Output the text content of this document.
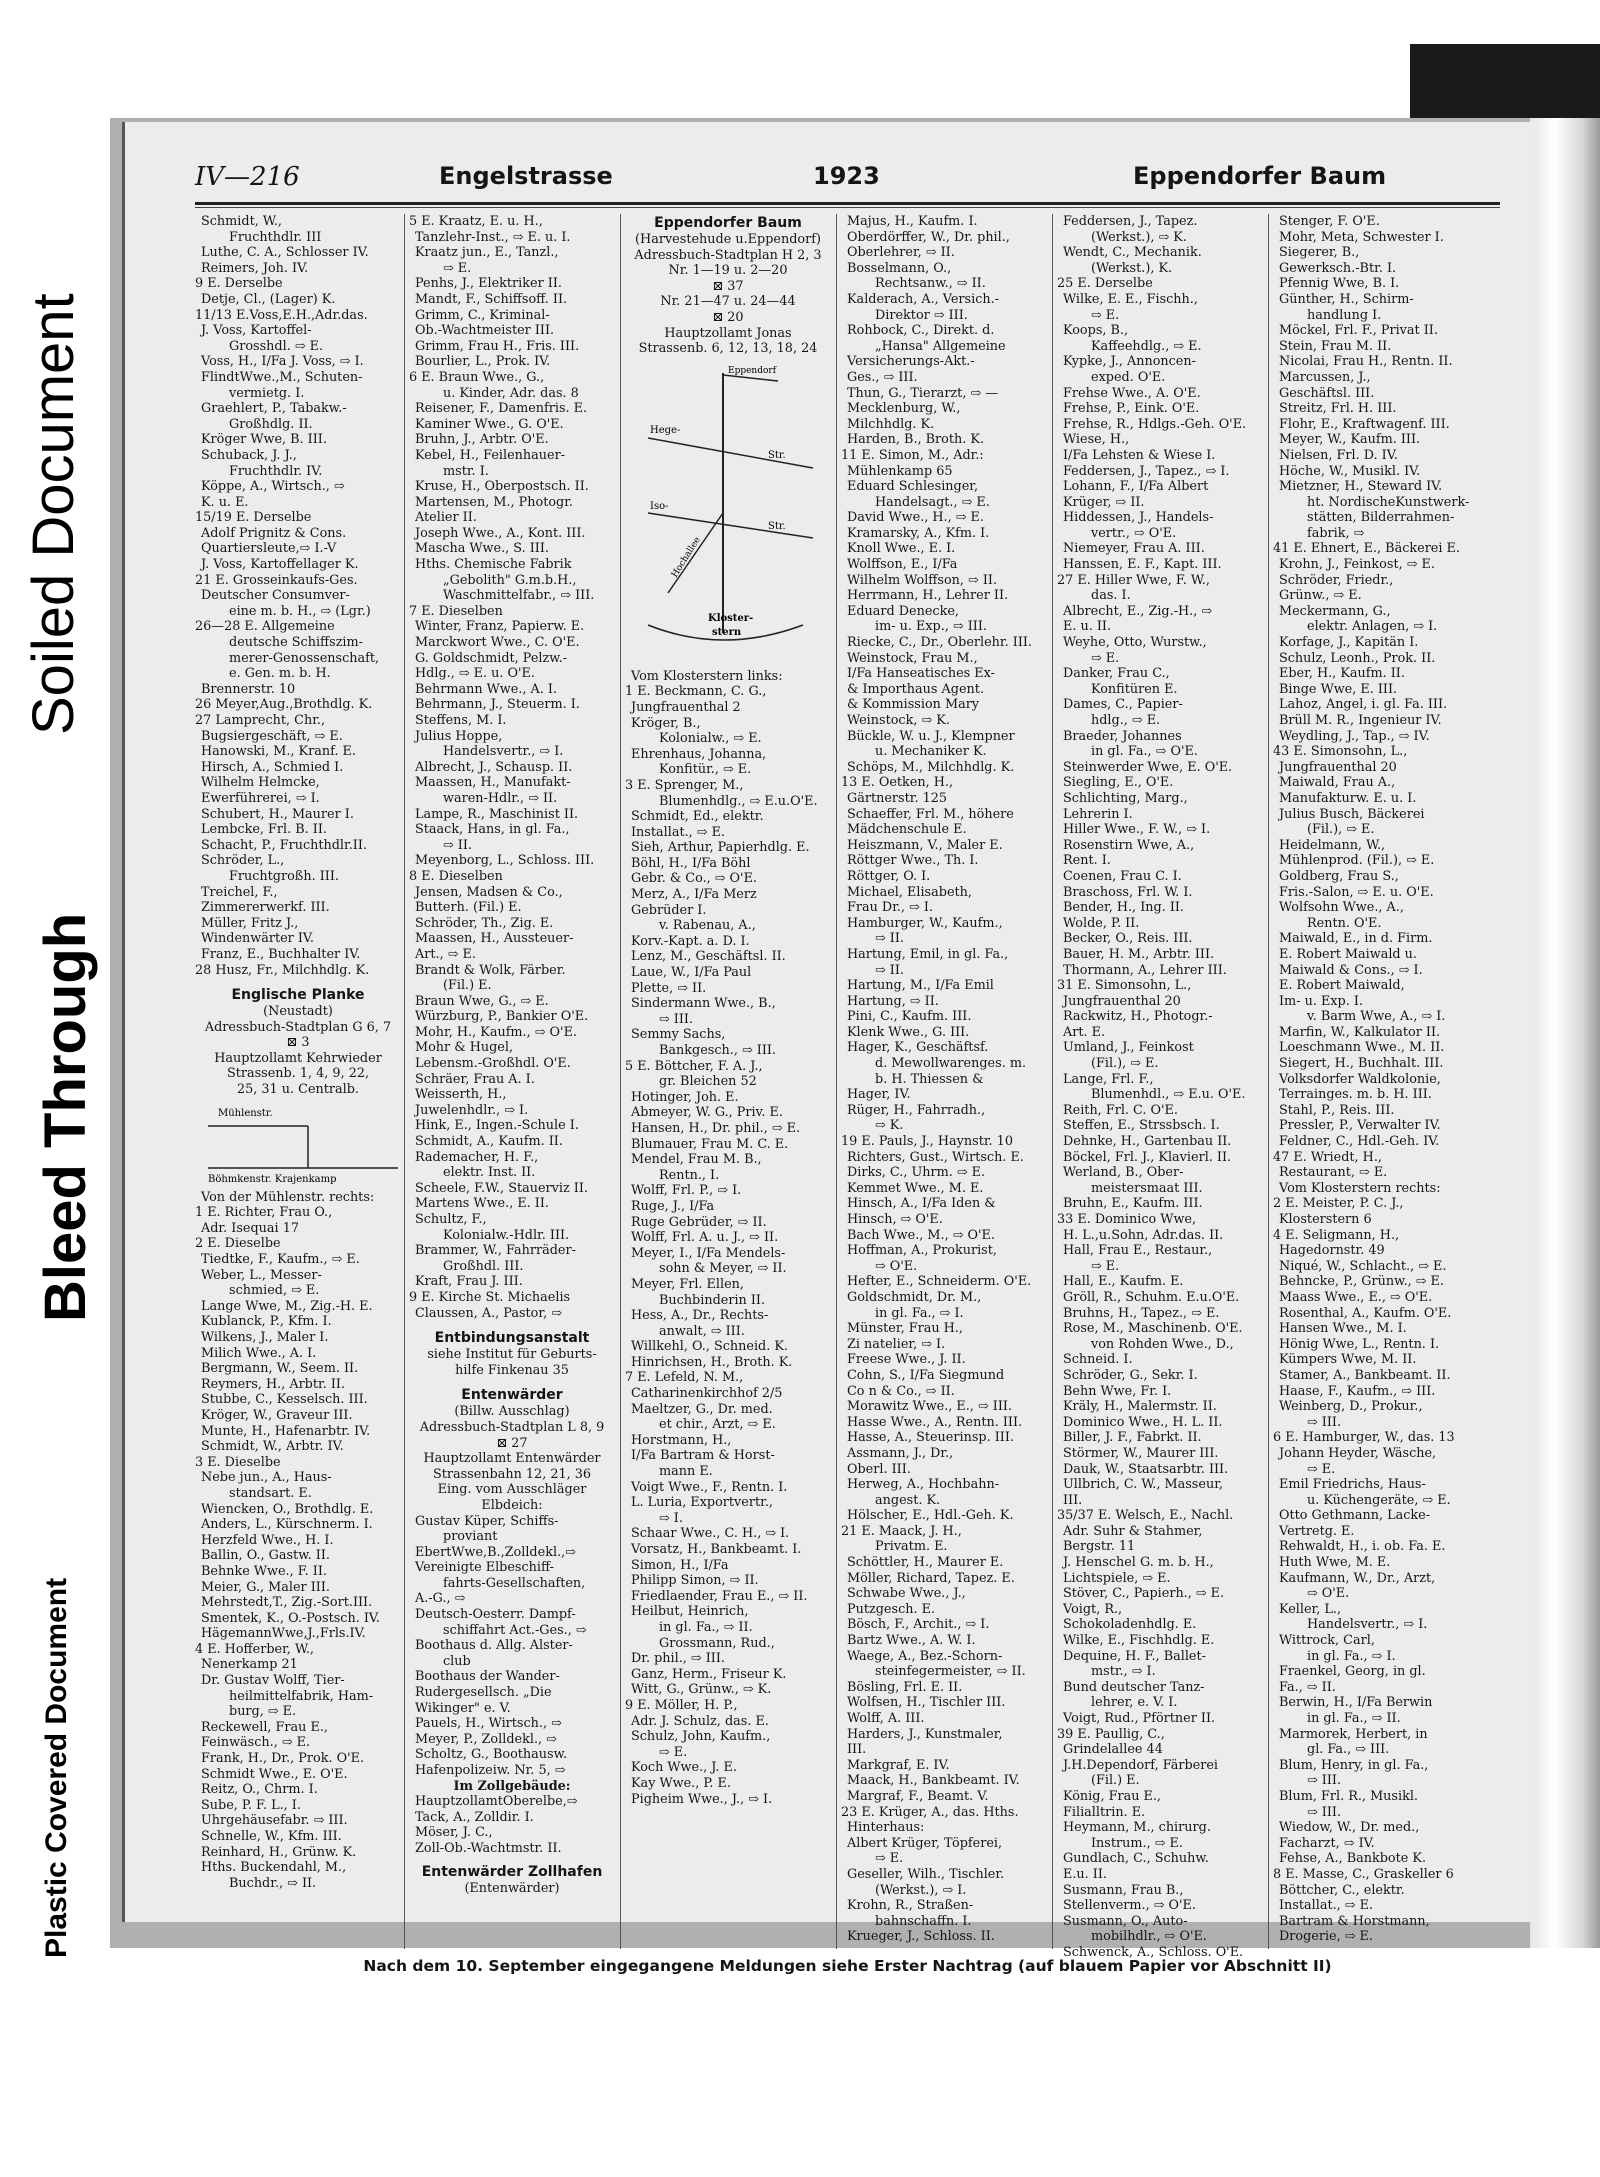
Soiled Document
Bleed Through
Plastic Covered Document
IV—216	Engelstrasse	1923	Eppendorfer Baum
Schmidt, W.,
Fruchthdlr. III
Luthe, C. A., Schlosser IV.
Reimers, Joh. IV.
9 E. Derselbe
Detje, Cl., (Lager) K.
11/13 E.Voss,E.H.,Adr.das.
J. Voss, Kartoffel-
Grosshdl. ⇨ E.
Voss, H., I/Fa J. Voss, ⇨ I.
FlindtWwe.,M., Schuten-
vermietg. I.
Graehlert, P., Tabakw.-
Großhdlg. II.
Kröger Wwe, B. III.
Schuback, J. J.,
Fruchthdlr. IV.
Köppe, A., Wirtsch., ⇨
K. u. E.
15/19 E. Derselbe
Adolf Prignitz & Cons.
Quartiersleute,⇨ I.-V
J. Voss, Kartoffellager K.
21 E. Grosseinkaufs-Ges.
Deutscher Consumver-
eine m. b. H., ⇨ (Lgr.)
26—28 E. Allgemeine
deutsche Schiffszim-
merer-Genossenschaft,
e. Gen. m. b. H.
Brennerstr. 10
26 Meyer,Aug.,Brothdlg. K.
27 Lamprecht, Chr.,
Bugsiergeschäft, ⇨ E.
Hanowski, M., Kranf. E.
Hirsch, A., Schmied I.
Wilhelm Helmcke,
Ewerführerei, ⇨ I.
Schubert, H., Maurer I.
Lembcke, Frl. B. II.
Schacht, P., Fruchthdlr.II.
Schröder, L.,
Fruchtgroßh. III.
Treichel, F.,
Zimmererwerkf. III.
Müller, Fritz J.,
Windenwärter IV.
Franz, E., Buchhalter IV.
28 Husz, Fr., Milchhdlg. K.
Englische Planke
(Neustadt)
Adressbuch-Stadtplan G 6, 7
⊠ 3
Hauptzollamt Kehrwieder
Strassenb. 1, 4, 9, 22,
25, 31 u. Centralb.
Mühlenstr.
Böhmkenstr. Krajenkamp
Von der Mühlenstr. rechts:
1 E. Richter, Frau O.,
Adr. Isequai 17
2 E. Dieselbe
Tiedtke, F., Kaufm., ⇨ E.
Weber, L., Messer-
schmied, ⇨ E.
Lange Wwe, M., Zig.-H. E.
Kublanck, P., Kfm. I.
Wilkens, J., Maler I.
Milich Wwe., A. I.
Bergmann, W., Seem. II.
Reymers, H., Arbtr. II.
Stubbe, C., Kesselsch. III.
Kröger, W., Graveur III.
Munte, H., Hafenarbtr. IV.
Schmidt, W., Arbtr. IV.
3 E. Dieselbe
Nebe jun., A., Haus-
standsart. E.
Wiencken, O., Brothdlg. E.
Anders, L., Kürschnerm. I.
Herzfeld Wwe., H. I.
Ballin, O., Gastw. II.
Behnke Wwe., F. II.
Meier, G., Maler III.
Mehrstedt,T., Zig.-Sort.III.
Smentek, K., O.-Postsch. IV.
HägemannWwe,J.,Frls.IV.
4 E. Hofferber, W.,
Nenerkamp 21
Dr. Gustav Wolff, Tier-
heilmittelfabrik, Ham-
burg, ⇨ E.
Reckewell, Frau E.,
Feinwäsch., ⇨ E.
Frank, H., Dr., Prok. O'E.
Schmidt Wwe., E. O'E.
Reitz, O., Chrm. I.
Sube, P. F. L., I.
Uhrgehäusefabr. ⇨ III.
Schnelle, W., Kfm. III.
Reinhard, H., Grünw. K.
Hths. Buckendahl, M.,
Buchdr., ⇨ II.
5 E. Kraatz, E. u. H.,
Tanzlehr-Inst., ⇨ E. u. I.
Kraatz jun., E., Tanzl.,
⇨ E.
Penhs, J., Elektriker II.
Mandt, F., Schiffsoff. II.
Grimm, C., Kriminal-
Ob.-Wachtmeister III.
Grimm, Frau H., Fris. III.
Bourlier, L., Prok. IV.
6 E. Braun Wwe., G.,
u. Kinder, Adr. das. 8
Reisener, F., Damenfris. E.
Kaminer Wwe., G. O'E.
Bruhn, J., Arbtr. O'E.
Kebel, H., Feilenhauer-
mstr. I.
Kruse, H., Oberpostsch. II.
Martensen, M., Photogr.
Atelier II.
Joseph Wwe., A., Kont. III.
Mascha Wwe., S. III.
Hths. Chemische Fabrik
„Gebolith" G.m.b.H.,
Waschmittelfabr., ⇨ III.
7 E. Dieselben
Winter, Franz, Papierw. E.
Marckwort Wwe., C. O'E.
G. Goldschmidt, Pelzw.-
Hdlg., ⇨ E. u. O'E.
Behrmann Wwe., A. I.
Behrmann, J., Steuerm. I.
Steffens, M. I.
Julius Hoppe,
Handelsvertr., ⇨ I.
Albrecht, J., Schausp. II.
Maassen, H., Manufakt-
waren-Hdlr., ⇨ II.
Lampe, R., Maschinist II.
Staack, Hans, in gl. Fa.,
⇨ II.
Meyenborg, L., Schloss. III.
8 E. Dieselben
Jensen, Madsen & Co.,
Butterh. (Fil.) E.
Schröder, Th., Zig. E.
Maassen, H., Aussteuer-
Art., ⇨ E.
Brandt & Wolk, Färber.
(Fil.) E.
Braun Wwe, G., ⇨ E.
Würzburg, P., Bankier O'E.
Mohr, H., Kaufm., ⇨ O'E.
Mohr & Hugel,
Lebensm.-Großhdl. O'E.
Schräer, Frau A. I.
Weisserth, H.,
Juwelenhdlr., ⇨ I.
Hink, E., Ingen.-Schule I.
Schmidt, A., Kaufm. II.
Rademacher, H. F.,
elektr. Inst. II.
Scheele, F.W., Stauerviz II.
Martens Wwe., E. II.
Schultz, F.,
Kolonialw.-Hdlr. III.
Brammer, W., Fahrräder-
Großhdl. III.
Kraft, Frau J. III.
9 E. Kirche St. Michaelis
Claussen, A., Pastor, ⇨
Entbindungsanstalt
siehe Institut für Geburts-
hilfe Finkenau 35
Entenwärder
(Billw. Ausschlag)
Adressbuch-Stadtplan L 8, 9
⊠ 27
Hauptzollamt Entenwärder
Strassenbahn 12, 21, 36
Eing. vom Ausschläger
Elbdeich:
Gustav Küper, Schiffs-
proviant
EbertWwe,B.,Zolldekl.,⇨
Vereinigte Elbeschiff-
fahrts-Gesellschaften,
A.-G., ⇨
Deutsch-Oesterr. Dampf-
schiffahrt Act.-Ges., ⇨
Boothaus d. Allg. Alster-
club
Boothaus der Wander-
Rudergesellsch. „Die
Wikinger" e. V.
Pauels, H., Wirtsch., ⇨
Meyer, P., Zolldekl., ⇨
Scholtz, G., Boothausw.
Hafenpolizeiw. Nr. 5, ⇨
Im Zollgebäude:
HauptzollamtOberelbe,⇨
Tack, A., Zolldir. I.
Möser, J. C.,
Zoll-Ob.-Wachtmstr. II.
Entenwärder Zollhafen
(Entenwärder)
Eppendorfer Baum
(Harvestehude u.Eppendorf)
Adressbuch-Stadtplan H 2, 3
Nr. 1—19 u. 2—20
⊠ 37
Nr. 21—47 u. 24—44
⊠ 20
Hauptzollamt Jonas
Strassenb. 6, 12, 13, 18, 24
Eppendorf
Hege-
Str.
Iso-
Str.
Hochallee
Kloster-
stern
Vom Klosterstern links:
1 E. Beckmann, C. G.,
Jungfrauenthal 2
Kröger, B.,
Kolonialw., ⇨ E.
Ehrenhaus, Johanna,
Konfitür., ⇨ E.
3 E. Sprenger, M.,
Blumenhdlg., ⇨ E.u.O'E.
Schmidt, Ed., elektr.
Installat., ⇨ E.
Sieh, Arthur, Papierhdlg. E.
Böhl, H., I/Fa Böhl
Gebr. & Co., ⇨ O'E.
Merz, A., I/Fa Merz
Gebrüder I.
v. Rabenau, A.,
Korv.-Kapt. a. D. I.
Lenz, M., Geschäftsl. II.
Laue, W., I/Fa Paul
Plette, ⇨ II.
Sindermann Wwe., B.,
⇨ III.
Semmy Sachs,
Bankgesch., ⇨ III.
5 E. Böttcher, F. A. J.,
gr. Bleichen 52
Hotinger, Joh. E.
Abmeyer, W. G., Priv. E.
Hansen, H., Dr. phil., ⇨ E.
Blumauer, Frau M. C. E.
Mendel, Frau M. B.,
Rentn., I.
Wolff, Frl. P., ⇨ I.
Ruge, J., I/Fa
Ruge Gebrüder, ⇨ II.
Wolff, Frl. A. u. J., ⇨ II.
Meyer, I., I/Fa Mendels-
sohn & Meyer, ⇨ II.
Meyer, Frl. Ellen,
Buchbinderin II.
Hess, A., Dr., Rechts-
anwalt, ⇨ III.
Willkehl, O., Schneid. K.
Hinrichsen, H., Broth. K.
7 E. Lefeld, N. M.,
Catharinenkirchhof 2/5
Maeltzer, G., Dr. med.
et chir., Arzt, ⇨ E.
Horstmann, H.,
I/Fa Bartram & Horst-
mann E.
Voigt Wwe., F., Rentn. I.
L. Luria, Exportvertr.,
⇨ I.
Schaar Wwe., C. H., ⇨ I.
Vorsatz, H., Bankbeamt. I.
Simon, H., I/Fa
Philipp Simon, ⇨ II.
Friedlaender, Frau E., ⇨ II.
Heilbut, Heinrich,
in gl. Fa., ⇨ II.
Grossmann, Rud.,
Dr. phil., ⇨ III.
Ganz, Herm., Friseur K.
Witt, G., Grünw., ⇨ K.
9 E. Möller, H. P.,
Adr. J. Schulz, das. E.
Schulz, John, Kaufm.,
⇨ E.
Koch Wwe., J. E.
Kay Wwe., P. E.
Pigheim Wwe., J., ⇨ I.
Majus, H., Kaufm. I.
Oberdörffer, W., Dr. phil.,
Oberlehrer, ⇨ II.
Bosselmann, O.,
Rechtsanw., ⇨ II.
Kalderach, A., Versich.-
Direktor ⇨ III.
Rohbock, C., Direkt. d.
„Hansa" Allgemeine
Versicherungs-Akt.-
Ges., ⇨ III.
Thun, G., Tierarzt, ⇨ —
Mecklenburg, W.,
Milchhdlg. K.
Harden, B., Broth. K.
11 E. Simon, M., Adr.:
Mühlenkamp 65
Eduard Schlesinger,
Handelsagt., ⇨ E.
David Wwe., H., ⇨ E.
Kramarsky, A., Kfm. I.
Knoll Wwe., E. I.
Wolffson, E., I/Fa
Wilhelm Wolffson, ⇨ II.
Herrmann, H., Lehrer II.
Eduard Denecke,
im- u. Exp., ⇨ III.
Riecke, C., Dr., Oberlehr. III.
Weinstock, Frau M.,
I/Fa Hanseatisches Ex-
& Importhaus Agent.
& Kommission Mary
Weinstock, ⇨ K.
Bückle, W. u. J., Klempner
u. Mechaniker K.
Schöps, M., Milchhdlg. K.
13 E. Oetken, H.,
Gärtnerstr. 125
Schaeffer, Frl. M., höhere
Mädchenschule E.
Heiszmann, V., Maler E.
Röttger Wwe., Th. I.
Röttger, O. I.
Michael, Elisabeth,
Frau Dr., ⇨ I.
Hamburger, W., Kaufm.,
⇨ II.
Hartung, Emil, in gl. Fa.,
⇨ II.
Hartung, M., I/Fa Emil
Hartung, ⇨ II.
Pini, C., Kaufm. III.
Klenk Wwe., G. III.
Hager, K., Geschäftsf.
d. Mewollwarenges. m.
b. H. Thiessen &
Hager, IV.
Rüger, H., Fahrradh.,
⇨ K.
19 E. Pauls, J., Haynstr. 10
Richters, Gust., Wirtsch. E.
Dirks, C., Uhrm. ⇨ E.
Kemmet Wwe., M. E.
Hinsch, A., I/Fa Iden &
Hinsch, ⇨ O'E.
Bach Wwe., M., ⇨ O'E.
Hoffman, A., Prokurist,
⇨ O'E.
Hefter, E., Schneiderm. O'E.
Goldschmidt, Dr. M.,
in gl. Fa., ⇨ I.
Münster, Frau H.,
Zi natelier, ⇨ I.
Freese Wwe., J. II.
Cohn, S., I/Fa Siegmund
Co n & Co., ⇨ II.
Morawitz Wwe., E., ⇨ III.
Hasse Wwe., A., Rentn. III.
Hasse, A., Steuerinsp. III.
Assmann, J., Dr.,
Oberl. III.
Herweg, A., Hochbahn-
angest. K.
Hölscher, E., Hdl.-Geh. K.
21 E. Maack, J. H.,
Privatm. E.
Schöttler, H., Maurer E.
Möller, Richard, Tapez. E.
Schwabe Wwe., J.,
Putzgesch. E.
Bösch, F., Archit., ⇨ I.
Bartz Wwe., A. W. I.
Waege, A., Bez.-Schorn-
steinfegermeister, ⇨ II.
Bösling, Frl. E. II.
Wolfsen, H., Tischler III.
Wolff, A. III.
Harders, J., Kunstmaler,
III.
Markgraf, E. IV.
Maack, H., Bankbeamt. IV.
Margraf, F., Beamt. V.
23 E. Krüger, A., das. Hths.
Hinterhaus:
Albert Krüger, Töpferei,
⇨ E.
Geseller, Wilh., Tischler.
(Werkst.), ⇨ I.
Krohn, R., Straßen-
bahnschaffn. I.
Krueger, J., Schloss. II.
Feddersen, J., Tapez.
(Werkst.), ⇨ K.
Wendt, C., Mechanik.
(Werkst.), K.
25 E. Derselbe
Wilke, E. E., Fischh.,
⇨ E.
Koops, B.,
Kaffeehdlg., ⇨ E.
Kypke, J., Annoncen-
exped. O'E.
Frehse Wwe., A. O'E.
Frehse, P., Eink. O'E.
Frehse, R., Hdlgs.-Geh. O'E.
Wiese, H.,
I/Fa Lehsten & Wiese I.
Feddersen, J., Tapez., ⇨ I.
Lohann, F., I/Fa Albert
Krüger, ⇨ II.
Hiddessen, J., Handels-
vertr., ⇨ O'E.
Niemeyer, Frau A. III.
Hanssen, E. F., Kapt. III.
27 E. Hiller Wwe, F. W.,
das. I.
Albrecht, E., Zig.-H., ⇨
E. u. II.
Weyhe, Otto, Wurstw.,
⇨ E.
Danker, Frau C.,
Konfitüren E.
Dames, C., Papier-
hdlg., ⇨ E.
Braeder, Johannes
in gl. Fa., ⇨ O'E.
Steinwerder Wwe, E. O'E.
Siegling, E., O'E.
Schlichting, Marg.,
Lehrerin I.
Hiller Wwe., F. W., ⇨ I.
Rosenstirn Wwe, A.,
Rent. I.
Coenen, Frau C. I.
Braschoss, Frl. W. I.
Bender, H., Ing. II.
Wolde, P. II.
Becker, O., Reis. III.
Bauer, H. M., Arbtr. III.
Thormann, A., Lehrer III.
31 E. Simonsohn, L.,
Jungfrauenthal 20
Rackwitz, H., Photogr.-
Art. E.
Umland, J., Feinkost
(Fil.), ⇨ E.
Lange, Frl. F.,
Blumenhdl., ⇨ E.u. O'E.
Reith, Frl. C. O'E.
Steffen, E., Strssbsch. I.
Dehnke, H., Gartenbau II.
Böckel, Frl. J., Klavierl. II.
Werland, B., Ober-
meistersmaat III.
Bruhn, E., Kaufm. III.
33 E. Dominico Wwe,
H. L.,u.Sohn, Adr.das. II.
Hall, Frau E., Restaur.,
⇨ E.
Hall, E., Kaufm. E.
Gröll, R., Schuhm. E.u.O'E.
Bruhns, H., Tapez., ⇨ E.
Rose, M., Maschinenb. O'E.
von Rohden Wwe., D.,
Schneid. I.
Schröder, G., Sekr. I.
Behn Wwe, Fr. I.
Kräly, H., Malermstr. II.
Dominico Wwe., H. L. II.
Biller, J. F., Fabrkt. II.
Störmer, W., Maurer III.
Dauk, W., Staatsarbtr. III.
Ullbrich, C. W., Masseur,
III.
35/37 E. Welsch, E., Nachl.
Adr. Suhr & Stahmer,
Bergstr. 11
J. Henschel G. m. b. H.,
Lichtspiele, ⇨ E.
Stöver, C., Papierh., ⇨ E.
Voigt, R.,
Schokoladenhdlg. E.
Wilke, E., Fischhdlg. E.
Dequine, H. F., Ballet-
mstr., ⇨ I.
Bund deutscher Tanz-
lehrer, e. V. I.
Voigt, Rud., Pförtner II.
39 E. Paullig, C.,
Grindelallee 44
J.H.Dependorf, Färberei
(Fil.) E.
König, Frau E.,
Filialltrin. E.
Heymann, M., chirurg.
Instrum., ⇨ E.
Gundlach, C., Schuhw.
E.u. II.
Susmann, Frau B.,
Stellenverm., ⇨ O'E.
Susmann, O., Auto-
mobilhdlr., ⇨ O'E.
Schwenck, A., Schloss. O'E.
Stenger, F. O'E.
Mohr, Meta, Schwester I.
Siegerer, B.,
Gewerksch.-Btr. I.
Pfennig Wwe, B. I.
Günther, H., Schirm-
handlung I.
Möckel, Frl. F., Privat II.
Stein, Frau M. II.
Nicolai, Frau H., Rentn. II.
Marcussen, J.,
Geschäftsl. III.
Streitz, Frl. H. III.
Flohr, E., Kraftwagenf. III.
Meyer, W., Kaufm. III.
Nielsen, Frl. D. IV.
Höche, W., Musikl. IV.
Mietzner, H., Steward IV.
ht. NordischeKunstwerk-
stätten, Bilderrahmen-
fabrik, ⇨
41 E. Ehnert, E., Bäckerei E.
Krohn, J., Feinkost, ⇨ E.
Schröder, Friedr.,
Grünw., ⇨ E.
Meckermann, G.,
elektr. Anlagen, ⇨ I.
Korfage, J., Kapitän I.
Schulz, Leonh., Prok. II.
Eber, H., Kaufm. II.
Binge Wwe, E. III.
Lahoz, Angel, i. gl. Fa. III.
Brüll M. R., Ingenieur IV.
Weydling, J., Tap., ⇨ IV.
43 E. Simonsohn, L.,
Jungfrauenthal 20
Maiwald, Frau A.,
Manufakturw. E. u. I.
Julius Busch, Bäckerei
(Fil.), ⇨ E.
Heidelmann, W.,
Mühlenprod. (Fil.), ⇨ E.
Goldberg, Frau S.,
Fris.-Salon, ⇨ E. u. O'E.
Wolfsohn Wwe., A.,
Rentn. O'E.
Maiwald, E., in d. Firm.
E. Robert Maiwald u.
Maiwald & Cons., ⇨ I.
E. Robert Maiwald,
Im- u. Exp. I.
v. Barm Wwe, A., ⇨ I.
Marfin, W., Kalkulator II.
Loeschmann Wwe., M. II.
Siegert, H., Buchhalt. III.
Volksdorfer Waldkolonie,
Terrainges. m. b. H. III.
Stahl, P., Reis. III.
Pressler, P., Verwalter IV.
Feldner, C., Hdl.-Geh. IV.
47 E. Wriedt, H.,
Restaurant, ⇨ E.
Vom Klosterstern rechts:
2 E. Meister, P. C. J.,
Klosterstern 6
4 E. Seligmann, H.,
Hagedornstr. 49
Niqué, W., Schlacht., ⇨ E.
Behncke, P., Grünw., ⇨ E.
Maass Wwe., E., ⇨ O'E.
Rosenthal, A., Kaufm. O'E.
Hansen Wwe., M. I.
Hönig Wwe, L., Rentn. I.
Kümpers Wwe, M. II.
Stamer, A., Bankbeamt. II.
Haase, F., Kaufm., ⇨ III.
Weinberg, D., Prokur.,
⇨ III.
6 E. Hamburger, W., das. 13
Johann Heyder, Wäsche,
⇨ E.
Emil Friedrichs, Haus-
u. Küchengeräte, ⇨ E.
Otto Gethmann, Lacke-
Vertretg. E.
Rehwaldt, H., i. ob. Fa. E.
Huth Wwe, M. E.
Kaufmann, W., Dr., Arzt,
⇨ O'E.
Keller, L.,
Handelsvertr., ⇨ I.
Wittrock, Carl,
in gl. Fa., ⇨ I.
Fraenkel, Georg, in gl.
Fa., ⇨ II.
Berwin, H., I/Fa Berwin
in gl. Fa., ⇨ II.
Marmorek, Herbert, in
gl. Fa., ⇨ III.
Blum, Henry, in gl. Fa.,
⇨ III.
Blum, Frl. R., Musikl.
⇨ III.
Wiedow, W., Dr. med.,
Facharzt, ⇨ IV.
Fehse, A., Bankbote K.
8 E. Masse, C., Graskeller 6
Böttcher, C., elektr.
Installat., ⇨ E.
Bartram & Horstmann,
Drogerie, ⇨ E.
Nach dem 10. September eingegangene Meldungen siehe Erster Nachtrag (auf blauem Papier vor Abschnitt II)
